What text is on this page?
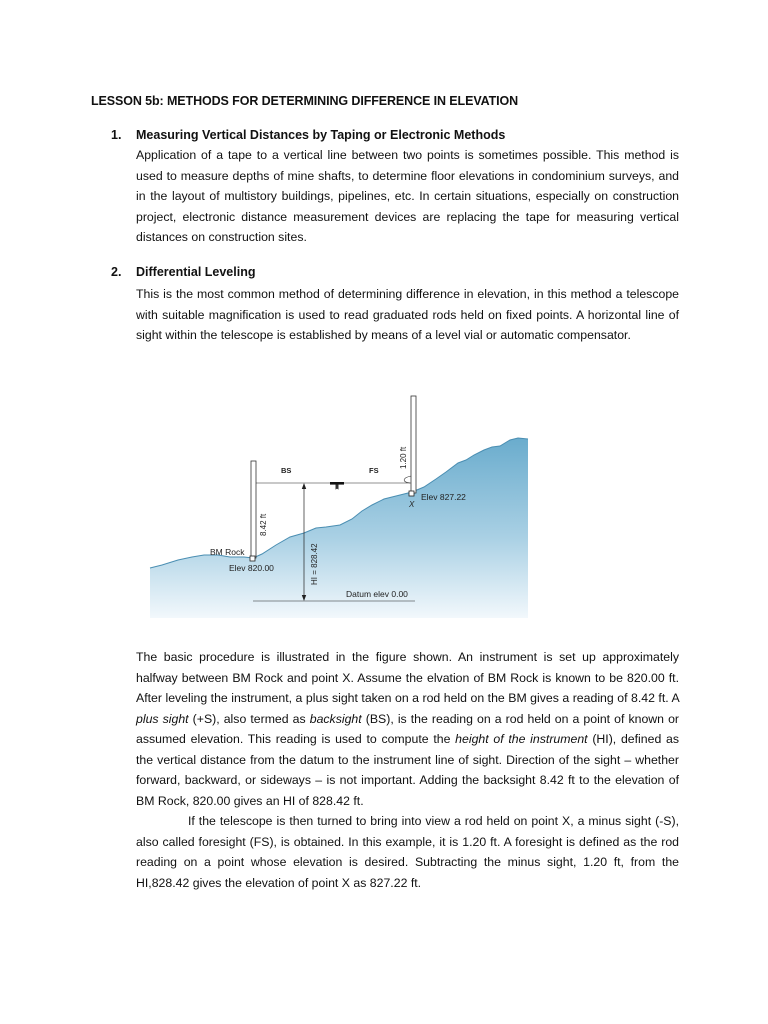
LESSON 5b: METHODS FOR DETERMINING DIFFERENCE IN ELEVATION
1. Measuring Vertical Distances by Taping or Electronic Methods

Application of a tape to a vertical line between two points is sometimes possible. This method is used to measure depths of mine shafts, to determine floor elevations in condominium surveys, and in the layout of multistory buildings, pipelines, etc. In certain situations, especially on construction project, electronic distance measurement devices are replacing the tape for measuring vertical distances on construction sites.

2. Differential Leveling

This is the most common method of determining difference in elevation, in this method a telescope with suitable magnification is used to read graduated rods held on fixed points. A horizontal line of sight within the telescope is established by means of a level vial or automatic compensator.

BS	FS
8.42 ft
1.20 ft
HI = 828.42
BM Rock
Elev 820.00
X
Elev 827.22
Datum elev 0.00

The basic procedure is illustrated in the figure shown. An instrument is set up approximately halfway between BM Rock and point X. Assume the elvation of BM Rock is known to be 820.00 ft. After leveling the instrument, a plus sight taken on a rod held on the BM gives a reading of 8.42 ft. A plus sight (+S), also termed as backsight (BS), is the reading on a rod held on a point of known or assumed elevation. This reading is used to compute the height of the instrument (HI), defined as the vertical distance from the datum to the instrument line of sight. Direction of the sight – whether forward, backward, or sideways – is not important. Adding the backsight 8.42 ft to the elevation of BM Rock, 820.00 gives an HI of 828.42 ft.

If the telescope is then turned to bring into view a rod held on point X, a minus sight (-S), also called foresight (FS), is obtained. In this example, it is 1.20 ft. A foresight is defined as the rod reading on a point whose elevation is desired. Subtracting the minus sight, 1.20 ft, from the HI,828.42 gives the elevation of point X as 827.22 ft.
